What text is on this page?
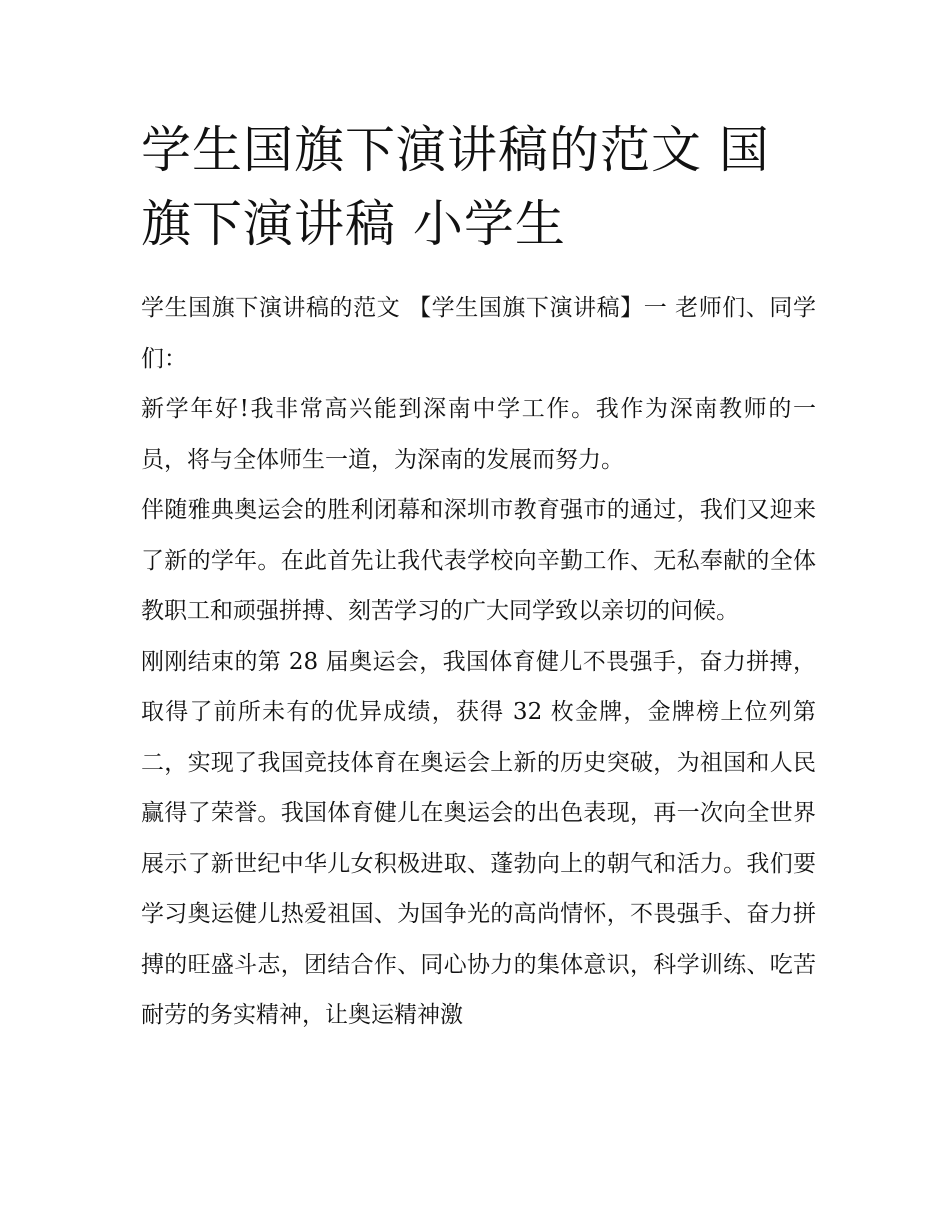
学生国旗下演讲稿的范文 国旗下演讲稿 小学生

学生国旗下演讲稿的范文 【学生国旗下演讲稿】一 老师们、同学们：

新学年好!我非常高兴能到深南中学工作。我作为深南教师的一员，将与全体师生一道，为深南的发展而努力。

伴随雅典奥运会的胜利闭幕和深圳市教育强市的通过，我们又迎来了新的学年。在此首先让我代表学校向辛勤工作、无私奉献的全体教职工和顽强拼搏、刻苦学习的广大同学致以亲切的问候。

刚刚结束的第 28 届奥运会，我国体育健儿不畏强手，奋力拼搏，取得了前所未有的优异成绩，获得 32 枚金牌，金牌榜上位列第二，实现了我国竞技体育在奥运会上新的历史突破，为祖国和人民赢得了荣誉。我国体育健儿在奥运会的出色表现，再一次向全世界展示了新世纪中华儿女积极进取、蓬勃向上的朝气和活力。我们要学习奥运健儿热爱祖国、为国争光的高尚情怀，不畏强手、奋力拼搏的旺盛斗志，团结合作、同心协力的集体意识，科学训练、吃苦耐劳的务实精神，让奥运精神激
